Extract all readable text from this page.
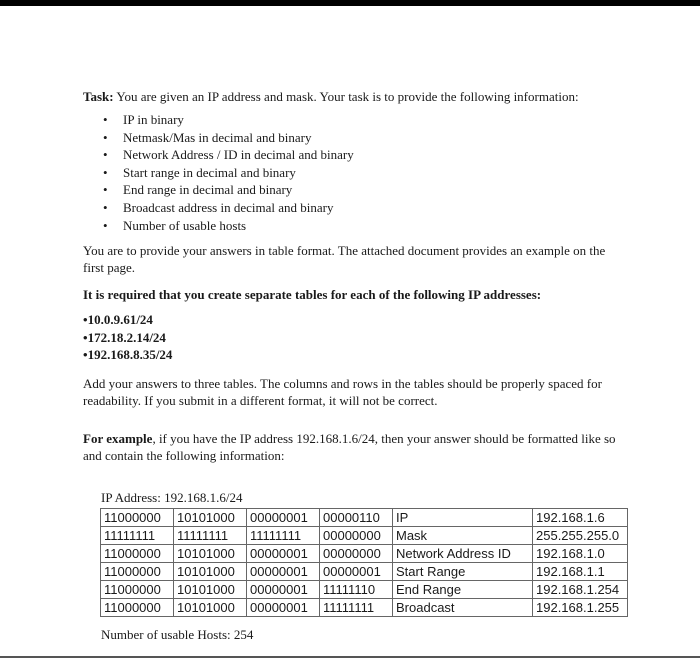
Task: You are given an IP address and mask. Your task is to provide the following information:

• IP in binary
• Netmask/Mas in decimal and binary
• Network Address / ID in decimal and binary
• Start range in decimal and binary
• End range in decimal and binary
• Broadcast address in decimal and binary
• Number of usable hosts

You are to provide your answers in table format. The attached document provides an example on the first page.

It is required that you create separate tables for each of the following IP addresses:

• 10.0.9.61/24
• 172.18.2.14/24
• 192.168.8.35/24

Add your answers to three tables. The columns and rows in the tables should be properly spaced for readability. If you submit in a different format, it will not be correct.

For example, if you have the IP address 192.168.1.6/24, then your answer should be formatted like so and contain the following information:

IP Address: 192.168.1.6/24
11000000	10101000	00000001	00000110	IP	192.168.1.6
11111111	11111111	11111111	00000000	Mask	255.255.255.0
11000000	10101000	00000001	00000000	Network Address ID	192.168.1.0
11000000	10101000	00000001	00000001	Start Range	192.168.1.1
11000000	10101000	00000001	11111110	End Range	192.168.1.254
11000000	10101000	00000001	11111111	Broadcast	192.168.1.255
Number of usable Hosts: 254
